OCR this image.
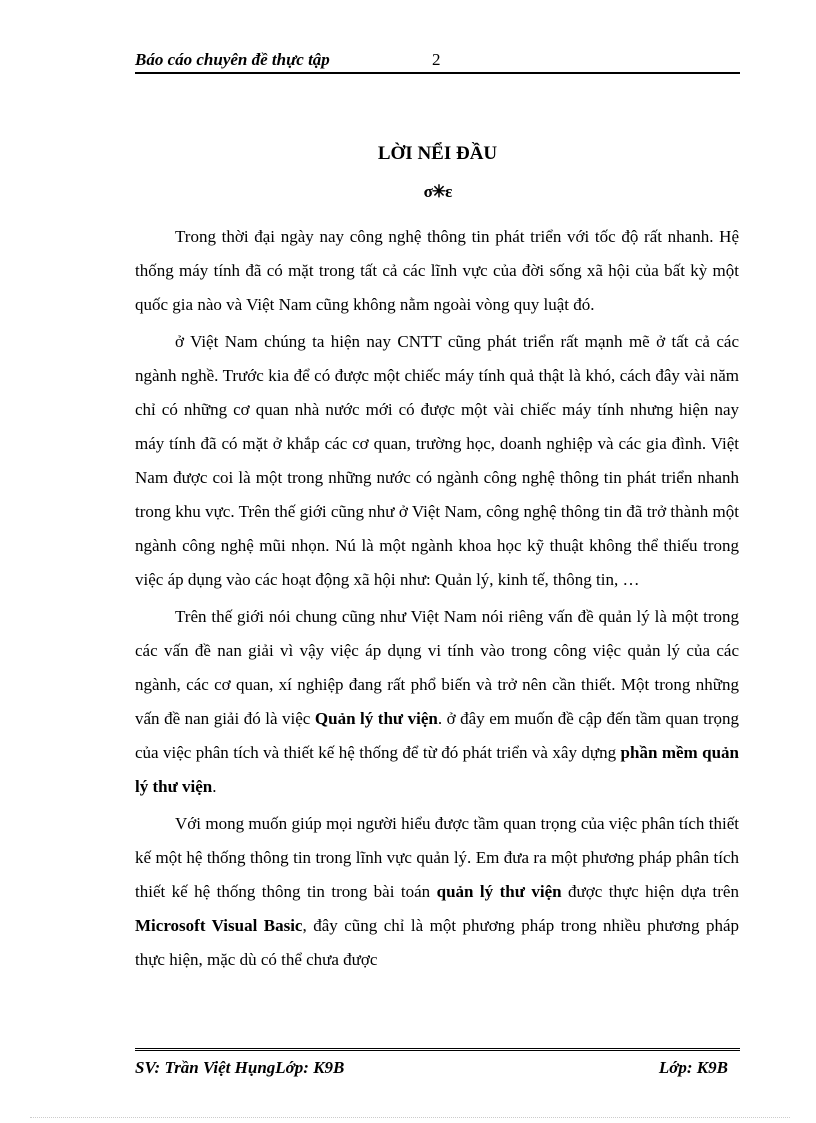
Báo cáo chuyên đề thực tập	2
LỜI NỂI ĐẦU
σ✳ε

Trong thời đại ngày nay công nghệ thông tin phát triển với tốc độ rất nhanh. Hệ thống máy tính đã có mặt trong tất cả các lĩnh vực của đời sống xã hội của bất kỳ một quốc gia nào và Việt Nam cũng không nằm ngoài vòng quy luật đó.

ở Việt Nam chúng ta hiện nay CNTT cũng phát triển rất mạnh mẽ ở tất cả các ngành nghề. Trước kia để có được một chiếc máy tính quả thật là khó, cách đây vài năm chỉ có những cơ quan nhà nước mới có được một vài chiếc máy tính nhưng hiện nay máy tính đã có mặt ở khắp các cơ quan, trường học, doanh nghiệp và các gia đình. Việt Nam được coi là một trong những nước có ngành công nghệ thông tin phát triển nhanh trong khu vực. Trên thế giới cũng như ở Việt Nam, công nghệ thông tin đã trở thành một ngành công nghệ mũi nhọn. Nú là một ngành khoa học kỹ thuật không thể thiếu trong việc áp dụng vào các hoạt động xã hội như: Quản lý, kinh tế, thông tin, …

Trên thế giới nói chung cũng như Việt Nam nói riêng vấn đề quản lý là một trong các vấn đề nan giải vì vậy việc áp dụng vi tính vào trong công việc quản lý của các ngành, các cơ quan, xí nghiệp đang rất phổ biến và trở nên cần thiết. Một trong những vấn đề nan giải đó là việc Quản lý thư viện. ở đây em muốn đề cập đến tầm quan trọng của việc phân tích và thiết kế hệ thống để từ đó phát triển và xây dựng phần mềm quản lý thư viện.

Với mong muốn giúp mọi người hiểu được tầm quan trọng của việc phân tích thiết kế một hệ thống thông tin trong lĩnh vực quản lý. Em đưa ra một phương pháp phân tích thiết kế hệ thống thông tin trong bài toán quản lý thư viện được thực hiện dựa trên Microsoft Visual Basic, đây cũng chỉ là một phương pháp trong nhiều phương pháp thực hiện, mặc dù có thể chưa được

SV: Trần Việt HụngLớp: K9B	Lớp: K9B
